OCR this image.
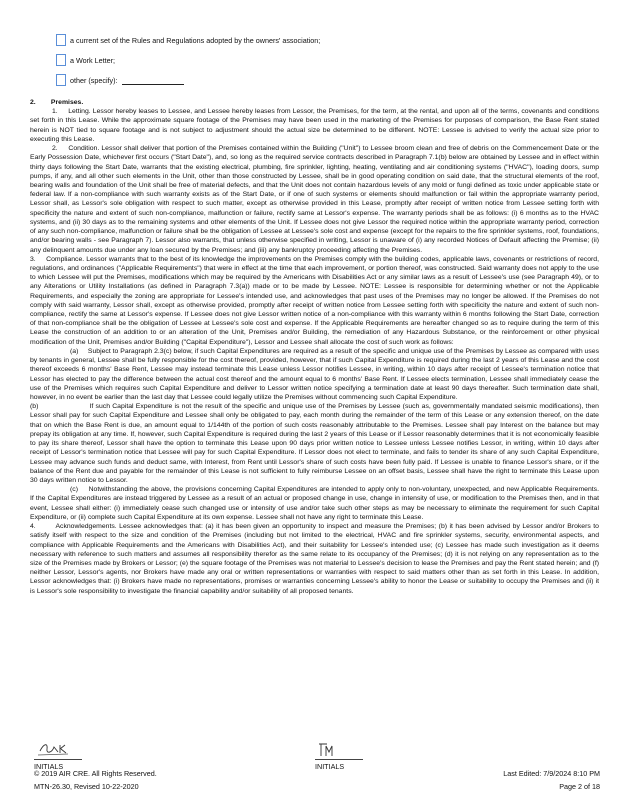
a current set of the Rules and Regulations adopted by the owners' association;
a Work Letter;
other (specify):

2.        Premises.

1.     Letting. Lessor hereby leases to Lessee, and Lessee hereby leases from Lessor, the Premises, for the term, at the rental, and upon all of the terms, covenants and conditions set forth in this Lease. While the approximate square footage of the Premises may have been used in the marketing of the Premises for purposes of comparison, the Base Rent stated herein is NOT tied to square footage and is not subject to adjustment should the actual size be determined to be different. NOTE: Lessee is advised to verify the actual size prior to executing this Lease.

2.     Condition. Lessor shall deliver that portion of the Premises contained within the Building ("Unit") to Lessee broom clean and free of debris on the Commencement Date or the Early Possession Date, whichever first occurs ("Start Date"), and, so long as the required service contracts described in Paragraph 7.1(b) below are obtained by Lessee and in effect within thirty days following the Start Date, warrants that the existing electrical, plumbing, fire sprinkler, lighting, heating, ventilating and air conditioning systems ("HVAC"), loading doors, sump pumps, if any, and all other such elements in the Unit, other than those constructed by Lessee, shall be in good operating condition on said date, that the structural elements of the roof, bearing walls and foundation of the Unit shall be free of material defects, and that the Unit does not contain hazardous levels of any mold or fungi defined as toxic under applicable state or federal law. If a non-compliance with such warranty exists as of the Start Date, or if one of such systems or elements should malfunction or fail within the appropriate warranty period, Lessor shall, as Lessor's sole obligation with respect to such matter, except as otherwise provided in this Lease, promptly after receipt of written notice from Lessee setting forth with specificity the nature and extent of such non-compliance, malfunction or failure, rectify same at Lessor's expense. The warranty periods shall be as follows: (i) 6 months as to the HVAC systems, and (ii) 30 days as to the remaining systems and other elements of the Unit. If Lessee does not give Lessor the required notice within the appropriate warranty period, correction of any such non-compliance, malfunction or failure shall be the obligation of Lessee at Lessee's sole cost and expense (except for the repairs to the fire sprinkler systems, roof, foundations, and/or bearing walls - see Paragraph 7). Lessor also warrants, that unless otherwise specified in writing, Lessor is unaware of (i) any recorded Notices of Default affecting the Premise; (ii) any delinquent amounts due under any loan secured by the Premises; and (iii) any bankruptcy proceeding affecting the Premises.

3.     Compliance. Lessor warrants that to the best of its knowledge the improvements on the Premises comply with the building codes, applicable laws, covenants or restrictions of record, regulations, and ordinances ("Applicable Requirements") that were in effect at the time that each improvement, or portion thereof, was constructed. Said warranty does not apply to the use to which Lessee will put the Premises, modifications which may be required by the Americans with Disabilities Act or any similar laws as a result of Lessee's use (see Paragraph 49), or to any Alterations or Utility Installations (as defined in Paragraph 7.3(a)) made or to be made by Lessee. NOTE: Lessee is responsible for determining whether or not the Applicable Requirements, and especially the zoning are appropriate for Lessee's intended use, and acknowledges that past uses of the Premises may no longer be allowed. If the Premises do not comply with said warranty, Lessor shall, except as otherwise provided, promptly after receipt of written notice from Lessee setting forth with specificity the nature and extent of such non-compliance, rectify the same at Lessor's expense. If Lessee does not give Lessor written notice of a non-compliance with this warranty within 6 months following the Start Date, correction of that non-compliance shall be the obligation of Lessee at Lessee's sole cost and expense. If the Applicable Requirements are hereafter changed so as to require during the term of this Lease the construction of an addition to or an alteration of the Unit, Premises and/or Building, the remediation of any Hazardous Substance, or the reinforcement or other physical modification of the Unit, Premises and/or Building ("Capital Expenditure"), Lessor and Lessee shall allocate the cost of such work as follows:

(a)     Subject to Paragraph 2.3(c) below, if such Capital Expenditures are required as a result of the specific and unique use of the Premises by Lessee as compared with uses by tenants in general, Lessee shall be fully responsible for the cost thereof, provided, however, that if such Capital Expenditure is required during the last 2 years of this Lease and the cost thereof exceeds 6 months' Base Rent, Lessee may instead terminate this Lease unless Lessor notifies Lessee, in writing, within 10 days after receipt of Lessee's termination notice that Lessor has elected to pay the difference between the actual cost thereof and the amount equal to 6 months' Base Rent. If Lessee elects termination, Lessee shall immediately cease the use of the Premises which requires such Capital Expenditure and deliver to Lessor written notice specifying a termination date at least 90 days thereafter. Such termination date shall, however, in no event be earlier than the last day that Lessee could legally utilize the Premises without commencing such Capital Expenditure.

(b)                       If such Capital Expenditure is not the result of the specific and unique use of the Premises by Lessee (such as, governmentally mandated seismic modifications), then Lessor shall pay for such Capital Expenditure and Lessee shall only be obligated to pay, each month during the remainder of the term of this Lease or any extension thereof, on the date that on which the Base Rent is due, an amount equal to 1/144th of the portion of such costs reasonably attributable to the Premises. Lessee shall pay Interest on the balance but may prepay its obligation at any time. If, however, such Capital Expenditure is required during the last 2 years of this Lease or if Lessor reasonably determines that it is not economically feasible to pay its share thereof, Lessor shall have the option to terminate this Lease upon 90 days prior written notice to Lessee unless Lessee notifies Lessor, in writing, within 10 days after receipt of Lessor's termination notice that Lessee will pay for such Capital Expenditure. If Lessor does not elect to terminate, and fails to tender its share of any such Capital Expenditure, Lessee may advance such funds and deduct same, with Interest, from Rent until Lessor's share of such costs have been fully paid. If Lessee is unable to finance Lessor's share, or if the balance of the Rent due and payable for the remainder of this Lease is not sufficient to fully reimburse Lessee on an offset basis, Lessee shall have the right to terminate this Lease upon 30 days written notice to Lessor.

(c)     Notwithstanding the above, the provisions concerning Capital Expenditures are intended to apply only to non-voluntary, unexpected, and new Applicable Requirements. If the Capital Expenditures are instead triggered by Lessee as a result of an actual or proposed change in use, change in intensity of use, or modification to the Premises then, and in that event, Lessee shall either: (i) immediately cease such changed use or intensity of use and/or take such other steps as may be necessary to eliminate the requirement for such Capital Expenditure, or (ii) complete such Capital Expenditure at its own expense. Lessee shall not have any right to terminate this Lease.

4.        Acknowledgements. Lessee acknowledges that: (a) it has been given an opportunity to inspect and measure the Premises; (b) it has been advised by Lessor and/or Brokers to satisfy itself with respect to the size and condition of the Premises (including but not limited to the electrical, HVAC and fire sprinkler systems, security, environmental aspects, and compliance with Applicable Requirements and the Americans with Disabilities Act), and their suitability for Lessee's intended use; (c) Lessee has made such investigation as it deems necessary with reference to such matters and assumes all responsibility therefor as the same relate to its occupancy of the Premises; (d) it is not relying on any representation as to the size of the Premises made by Brokers or Lessor; (e) the square footage of the Premises was not material to Lessee's decision to lease the Premises and pay the Rent stated herein; and (f) neither Lessor, Lessor's agents, nor Brokers have made any oral or written representations or warranties with respect to said matters other than as set forth in this Lease. In addition, Lessor acknowledges that: (i) Brokers have made no representations, promises or warranties concerning Lessee's ability to honor the Lease or suitability to occupy the Premises and (ii) it is Lessor's sole responsibility to investigate the financial capability and/or suitability of all proposed tenants.

INITIALS	INITIALS
© 2019 AIR CRE. All Rights Reserved.	Last Edited: 7/9/2024 8:10 PM
MTN-26.30, Revised 10-22-2020	Page 2 of 18
